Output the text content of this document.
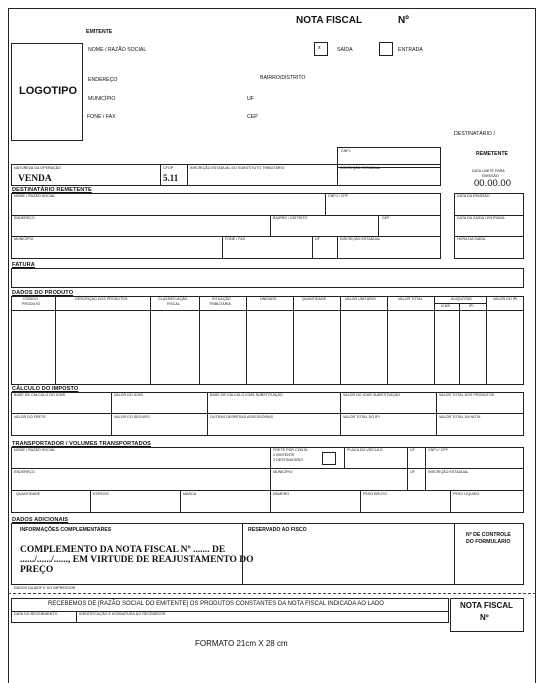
EMITENTE
NOTA FISCAL	Nº
NOME / RAZÃO SOCIAL	x	SAÍDA	ENTRADA
LOGOTIPO
ENDEREÇO	BAIRRO/DISTRITO
MUNICÍPIO	UF
FONE / FAX	CEP
DESTINATÁRIO /
REMETENTE
CNPJ
NATUREZA DA OPERAÇÃO
VENDA
CFOP
5.11
INSCRIÇÃO ESTADUAL DO SUBSTITUTO TRIBUTÁRIO	INSCRIÇÃO ESTADUAL
DATA LIMITE PARA
EMISSÃO
00.00.00
DESTINATÁRIO REMETENTE
NOME / RAZÃO SOCIAL	CNPJ / CPF
ENDEREÇO	BAIRRO / DISTRITO	CEP
MUNICÍPIO	FONE / FAX	UF	INSCRIÇÃO ESTADUAL
DATA DA EMISSÃO
DATA DA SAÍDA / ENTRADA
HORA DA SAÍDA
FATURA
DADOS DO PRODUTO
CÓDIGO
PRODUTO
DESCRIÇÃO DOS PRODUTOS	CLASSIFICAÇÃO
FISCAL
SITUAÇÃO
TRIBUTÁRIA
UNIDADE	QUANTIDADE	VALOR UNITÁRIO	VALOR TOTAL	ALÍQUOTAS
ICMS	IPI
VALOR DO IPI
CÁLCULO DO IMPOSTO
BASE DE CÁLCULO DO ICMS	VALOR DO ICMS	BASE DE CÁLCULO ICMS SUBSTITUIÇÃO	VALOR DO ICMS SUBSTITUIÇÃO	VALOR TOTAL DOS PRODUTOS
VALOR DO FRETE	VALOR DO SEGURO	OUTRAS DESPESAS ASSESSÓRIAS	VALOR TOTAL DO IPI	VALOR TOTAL DA NOTA
TRANSPORTADOR / VOLUMES TRANSPORTADOS
NOME / RAZÃO SOCIAL	FRETE POR CONTA
1 EMITENTE
2 DESTINATÁRIO
PLACA DO VEÍCULO	UF	CNPJ / CPF
ENDEREÇO	MUNICÍPIO	UF	INSCRIÇÃO ESTADUAL
QUANTIDADE	ESPÉCIE	MARCA	NÚMERO	PESO BRUTO	PESO LÍQUIDO
DADOS ADICIONAIS
INFORMAÇÕES COMPLEMENTARES
COMPLEMENTO DA NOTA FISCAL Nº ....... DE
....../....../......, EM VIRTUDE DE REAJUSTAMENTO DO
PREÇO
RESERVADO AO FISCO
Nº DE CONTROLE
DO FORMULÁRIO
DADOS DA AIDF E DO IMPRESSOR
RECEBEMOS DE [RAZÃO SOCIAL DO EMITENTE] OS PRODUTOS CONSTANTES DA NOTA FISCAL INDICADA AO LADO
DATA DO RECEBIMENTO	IDENTIFICAÇÃO E ASSINATURA DO RECEBEDOR
NOTA FISCAL
Nº
FORMATO 21cm X 28 cm
